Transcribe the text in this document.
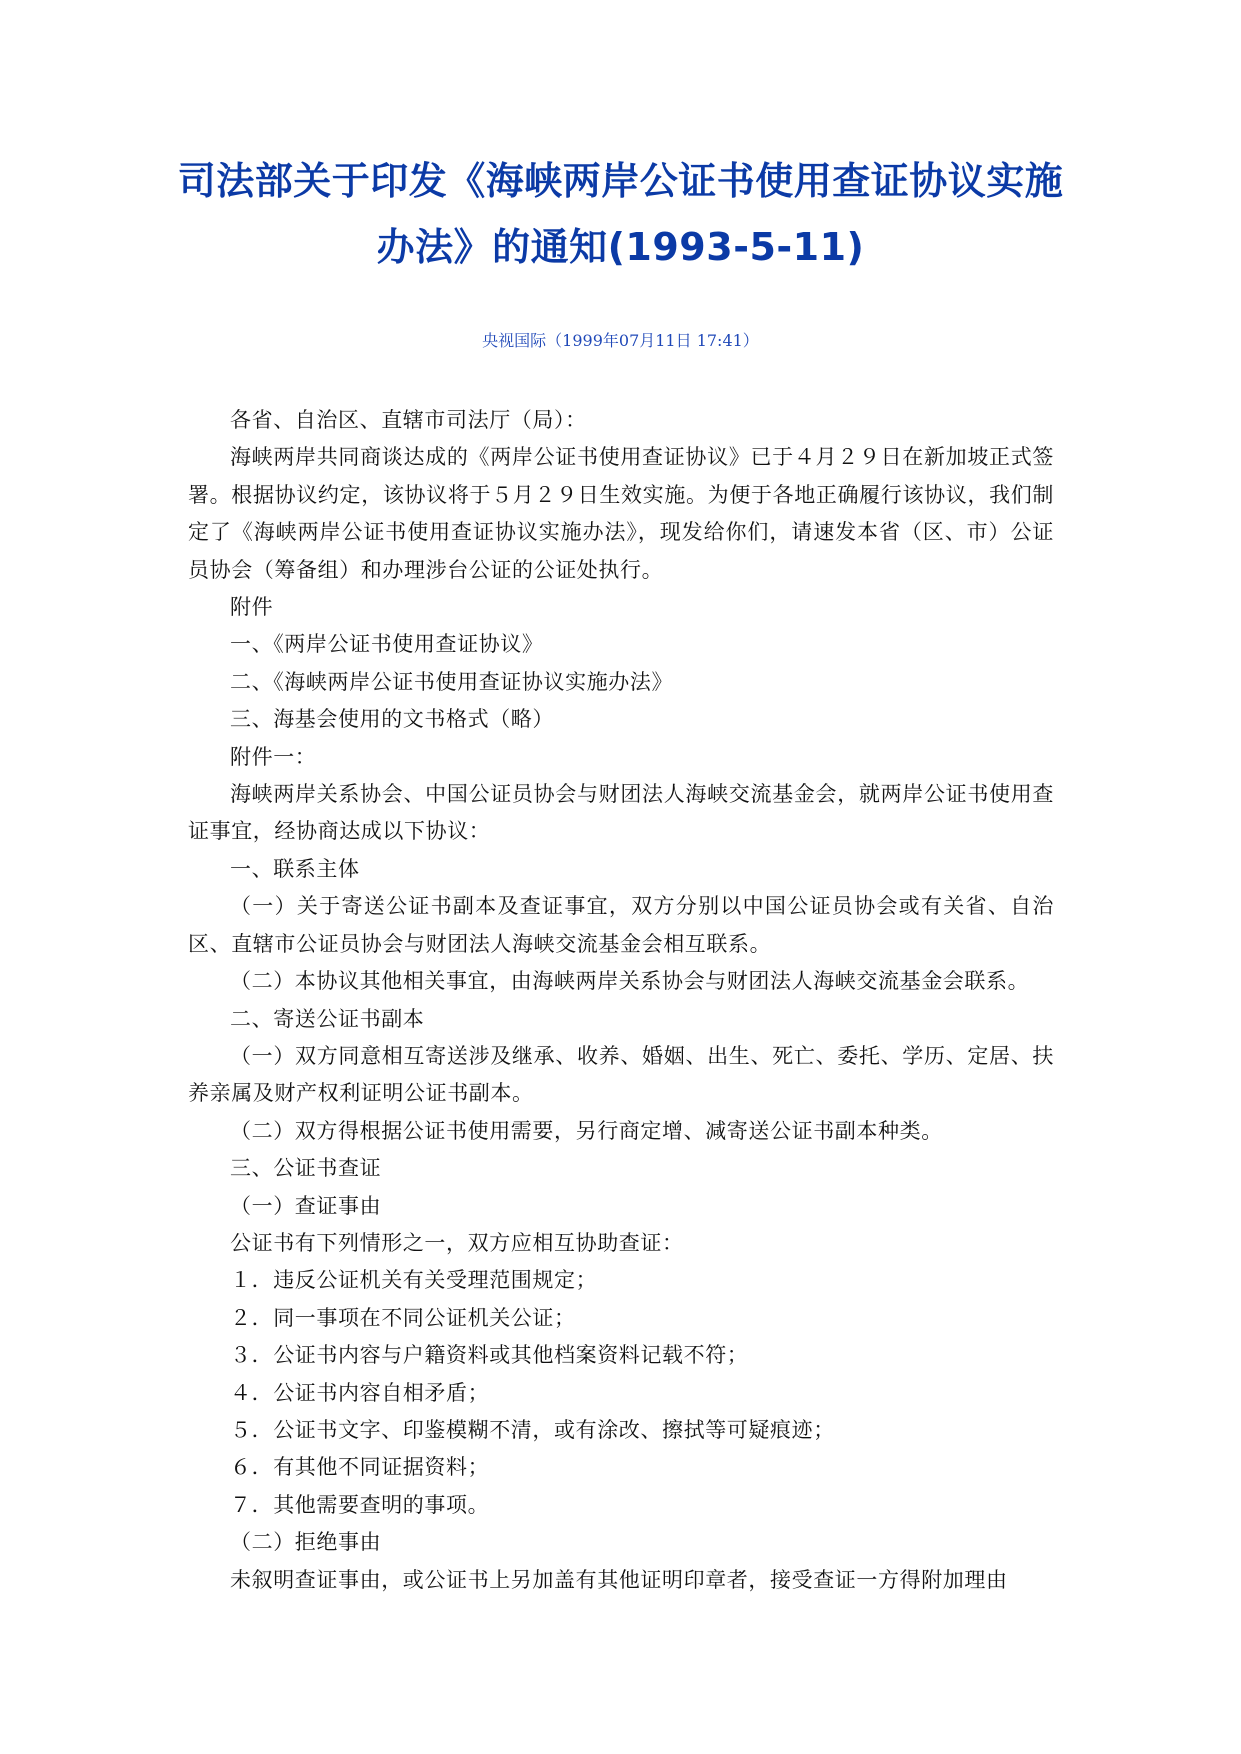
司法部关于印发《海峡两岸公证书使用查证协议实施
办法》的通知(1993-5-11)
央视国际（1999年07月11日 17:41）

各省、自治区、直辖市司法厅（局）：

海峡两岸共同商谈达成的《两岸公证书使用查证协议》已于４月２９日在新加坡正式签署。根据协议约定，该协议将于５月２９日生效实施。为便于各地正确履行该协议，我们制定了《海峡两岸公证书使用查证协议实施办法》，现发给你们，请速发本省（区、市）公证员协会（筹备组）和办理涉台公证的公证处执行。

附件

一、《两岸公证书使用查证协议》

二、《海峡两岸公证书使用查证协议实施办法》

三、海基会使用的文书格式（略）

附件一：

海峡两岸关系协会、中国公证员协会与财团法人海峡交流基金会，就两岸公证书使用查证事宜，经协商达成以下协议：

一、联系主体

（一）关于寄送公证书副本及查证事宜，双方分别以中国公证员协会或有关省、自治区、直辖市公证员协会与财团法人海峡交流基金会相互联系。

（二）本协议其他相关事宜，由海峡两岸关系协会与财团法人海峡交流基金会联系。

二、寄送公证书副本

（一）双方同意相互寄送涉及继承、收养、婚姻、出生、死亡、委托、学历、定居、扶养亲属及财产权利证明公证书副本。

（二）双方得根据公证书使用需要，另行商定增、减寄送公证书副本种类。

三、公证书查证

（一）查证事由

公证书有下列情形之一，双方应相互协助查证：

１．违反公证机关有关受理范围规定；

２．同一事项在不同公证机关公证；

３．公证书内容与户籍资料或其他档案资料记载不符；

４．公证书内容自相矛盾；

５．公证书文字、印鉴模糊不清，或有涂改、擦拭等可疑痕迹；

６．有其他不同证据资料；

７．其他需要查明的事项。

（二）拒绝事由

未叙明查证事由，或公证书上另加盖有其他证明印章者，接受查证一方得附加理由
